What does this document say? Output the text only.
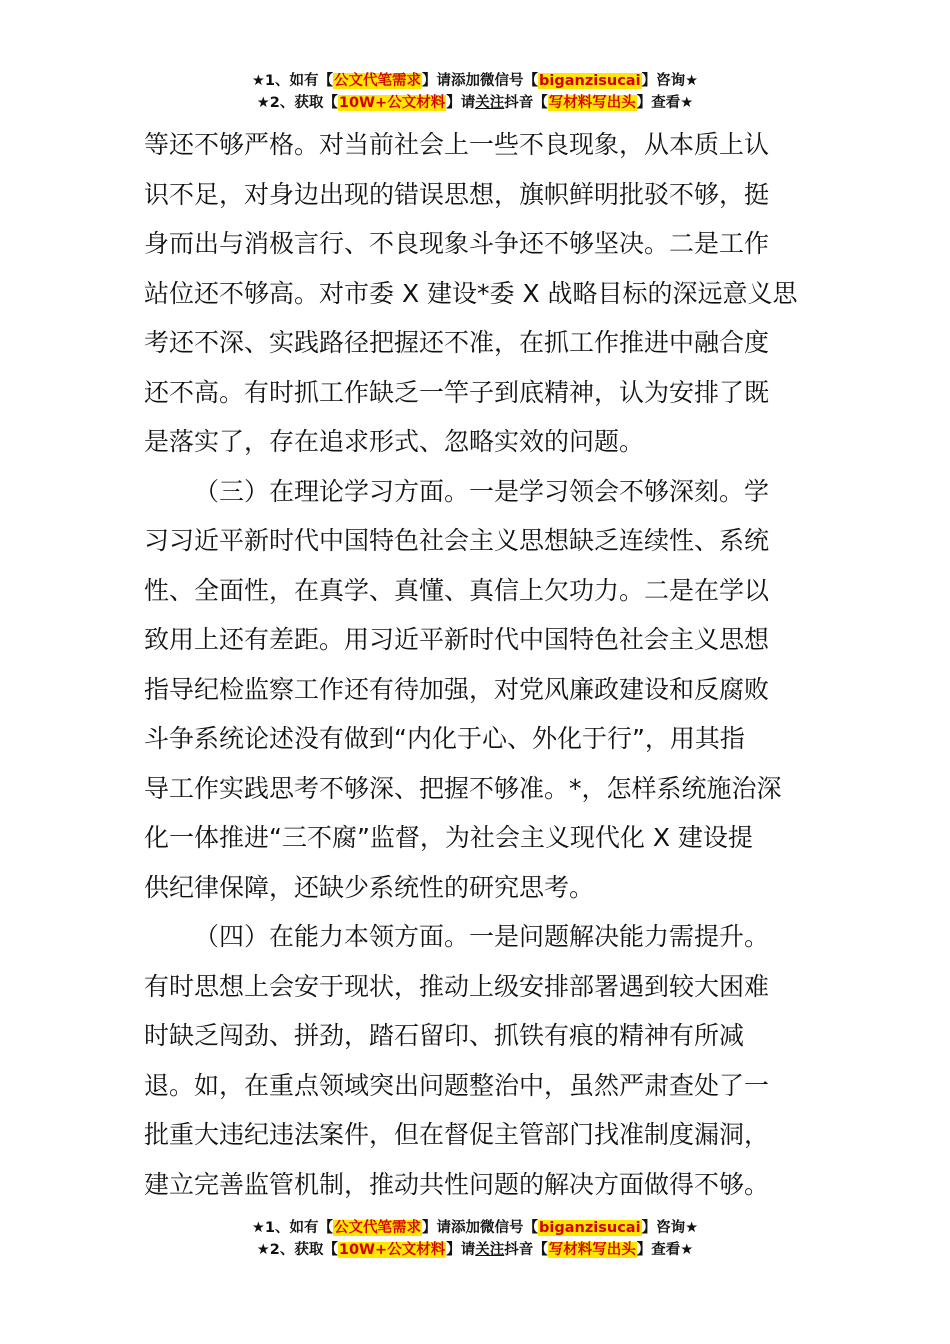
★1、如有【公文代笔需求】请添加微信号【biganzisucai】咨询★
★2、获取【10W+公文材料】请关注抖音【写材料写出头】查看★
等还不够严格。对当前社会上一些不良现象，从本质上认
识不足，对身边出现的错误思想，旗帜鲜明批驳不够，挺
身而出与消极言行、不良现象斗争还不够坚决。二是工作
站位还不够高。对市委 X 建设*委 X 战略目标的深远意义思
考还不深、实践路径把握还不准，在抓工作推进中融合度
还不高。有时抓工作缺乏一竿子到底精神，认为安排了既
是落实了，存在追求形式、忽略实效的问题。
（三）在理论学习方面。一是学习领会不够深刻。学
习习近平新时代中国特色社会主义思想缺乏连续性、系统
性、全面性，在真学、真懂、真信上欠功力。二是在学以
致用上还有差距。用习近平新时代中国特色社会主义思想
指导纪检监察工作还有待加强，对党风廉政建设和反腐败
斗争系统论述没有做到“内化于心、外化于行”，用其指
导工作实践思考不够深、把握不够准。*，怎样系统施治深
化一体推进“三不腐”监督，为社会主义现代化 X 建设提
供纪律保障，还缺少系统性的研究思考。
（四）在能力本领方面。一是问题解决能力需提升。
有时思想上会安于现状，推动上级安排部署遇到较大困难
时缺乏闯劲、拼劲，踏石留印、抓铁有痕的精神有所减
退。如，在重点领域突出问题整治中，虽然严肃查处了一
批重大违纪违法案件，但在督促主管部门找准制度漏洞，
建立完善监管机制，推动共性问题的解决方面做得不够。
★1、如有【公文代笔需求】请添加微信号【biganzisucai】咨询★
★2、获取【10W+公文材料】请关注抖音【写材料写出头】查看★
